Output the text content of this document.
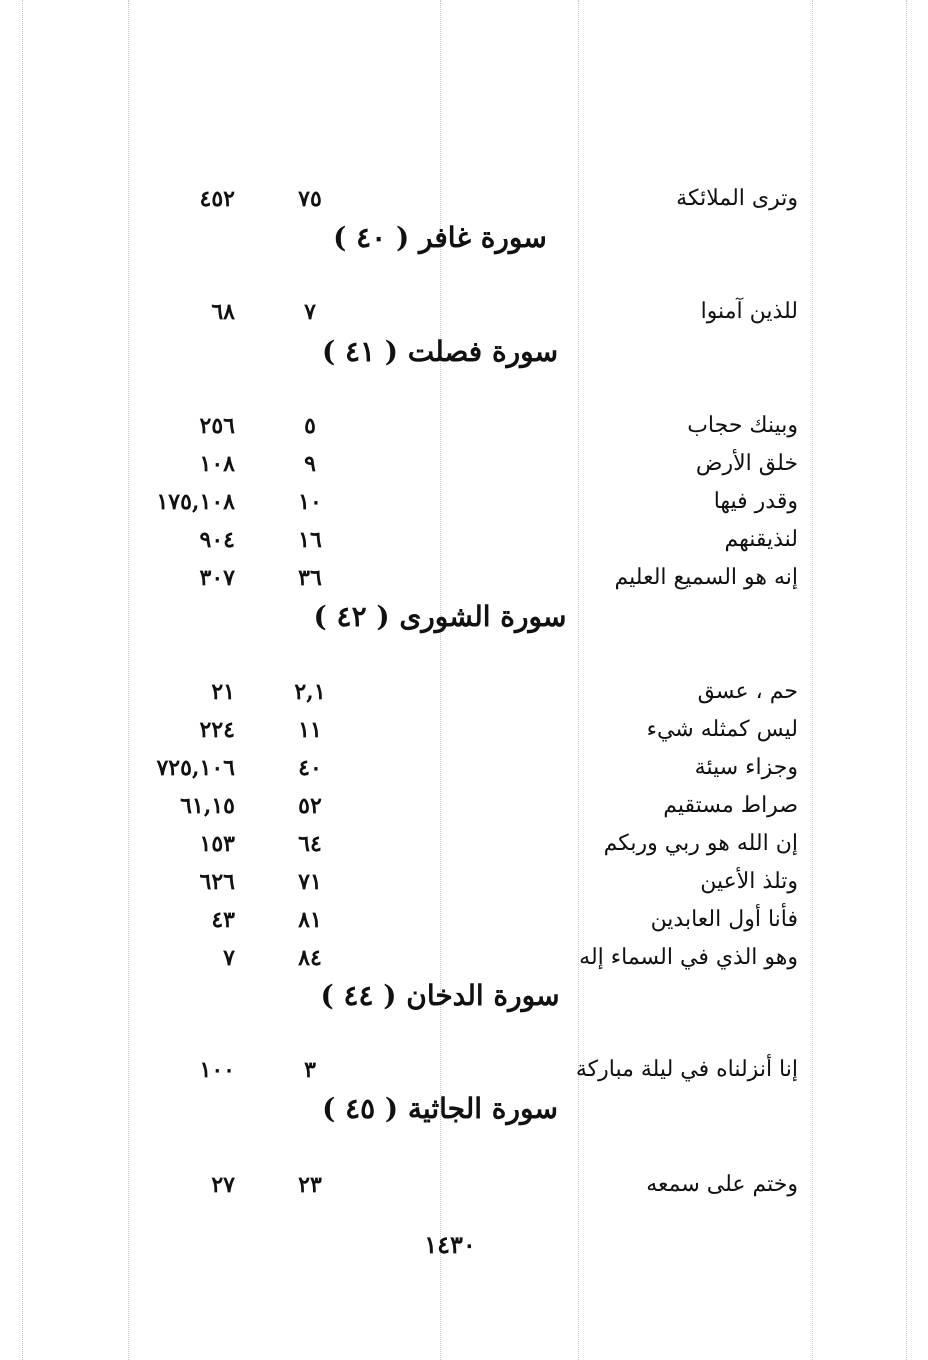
وترى الملائكة
٧٥
٤٥٢
سورة غافر ( ٤٠ )
للذين آمنوا
٧
٦٨
سورة فصلت ( ٤١ )
وبينك حجاب
٥
٢٥٦
خلق الأرض
٩
١٠٨
وقدر فيها
١٠
١٧٥,١٠٨
لنذيقنهم
١٦
٩٠٤
إنه هو السميع العليم
٣٦
٣٠٧
سورة الشورى ( ٤٢ )
حم ، عسق
٢,١
٢١
ليس كمثله شيء
١١
٢٢٤
وجزاء سيئة
٤٠
٧٢٥,١٠٦
صراط مستقيم
٥٢
٦١,١٥
إن الله هو ربي وربكم
٦٤
١٥٣
وتلذ الأعين
٧١
٦٢٦
فأنا أول العابدين
٨١
٤٣
وهو الذي في السماء إله
٨٤
٧
سورة الدخان ( ٤٤ )
إنا أنزلناه في ليلة مباركة
٣
١٠٠
سورة الجاثية ( ٤٥ )
وختم على سمعه
٢٣
٢٧
١٤٣٠
